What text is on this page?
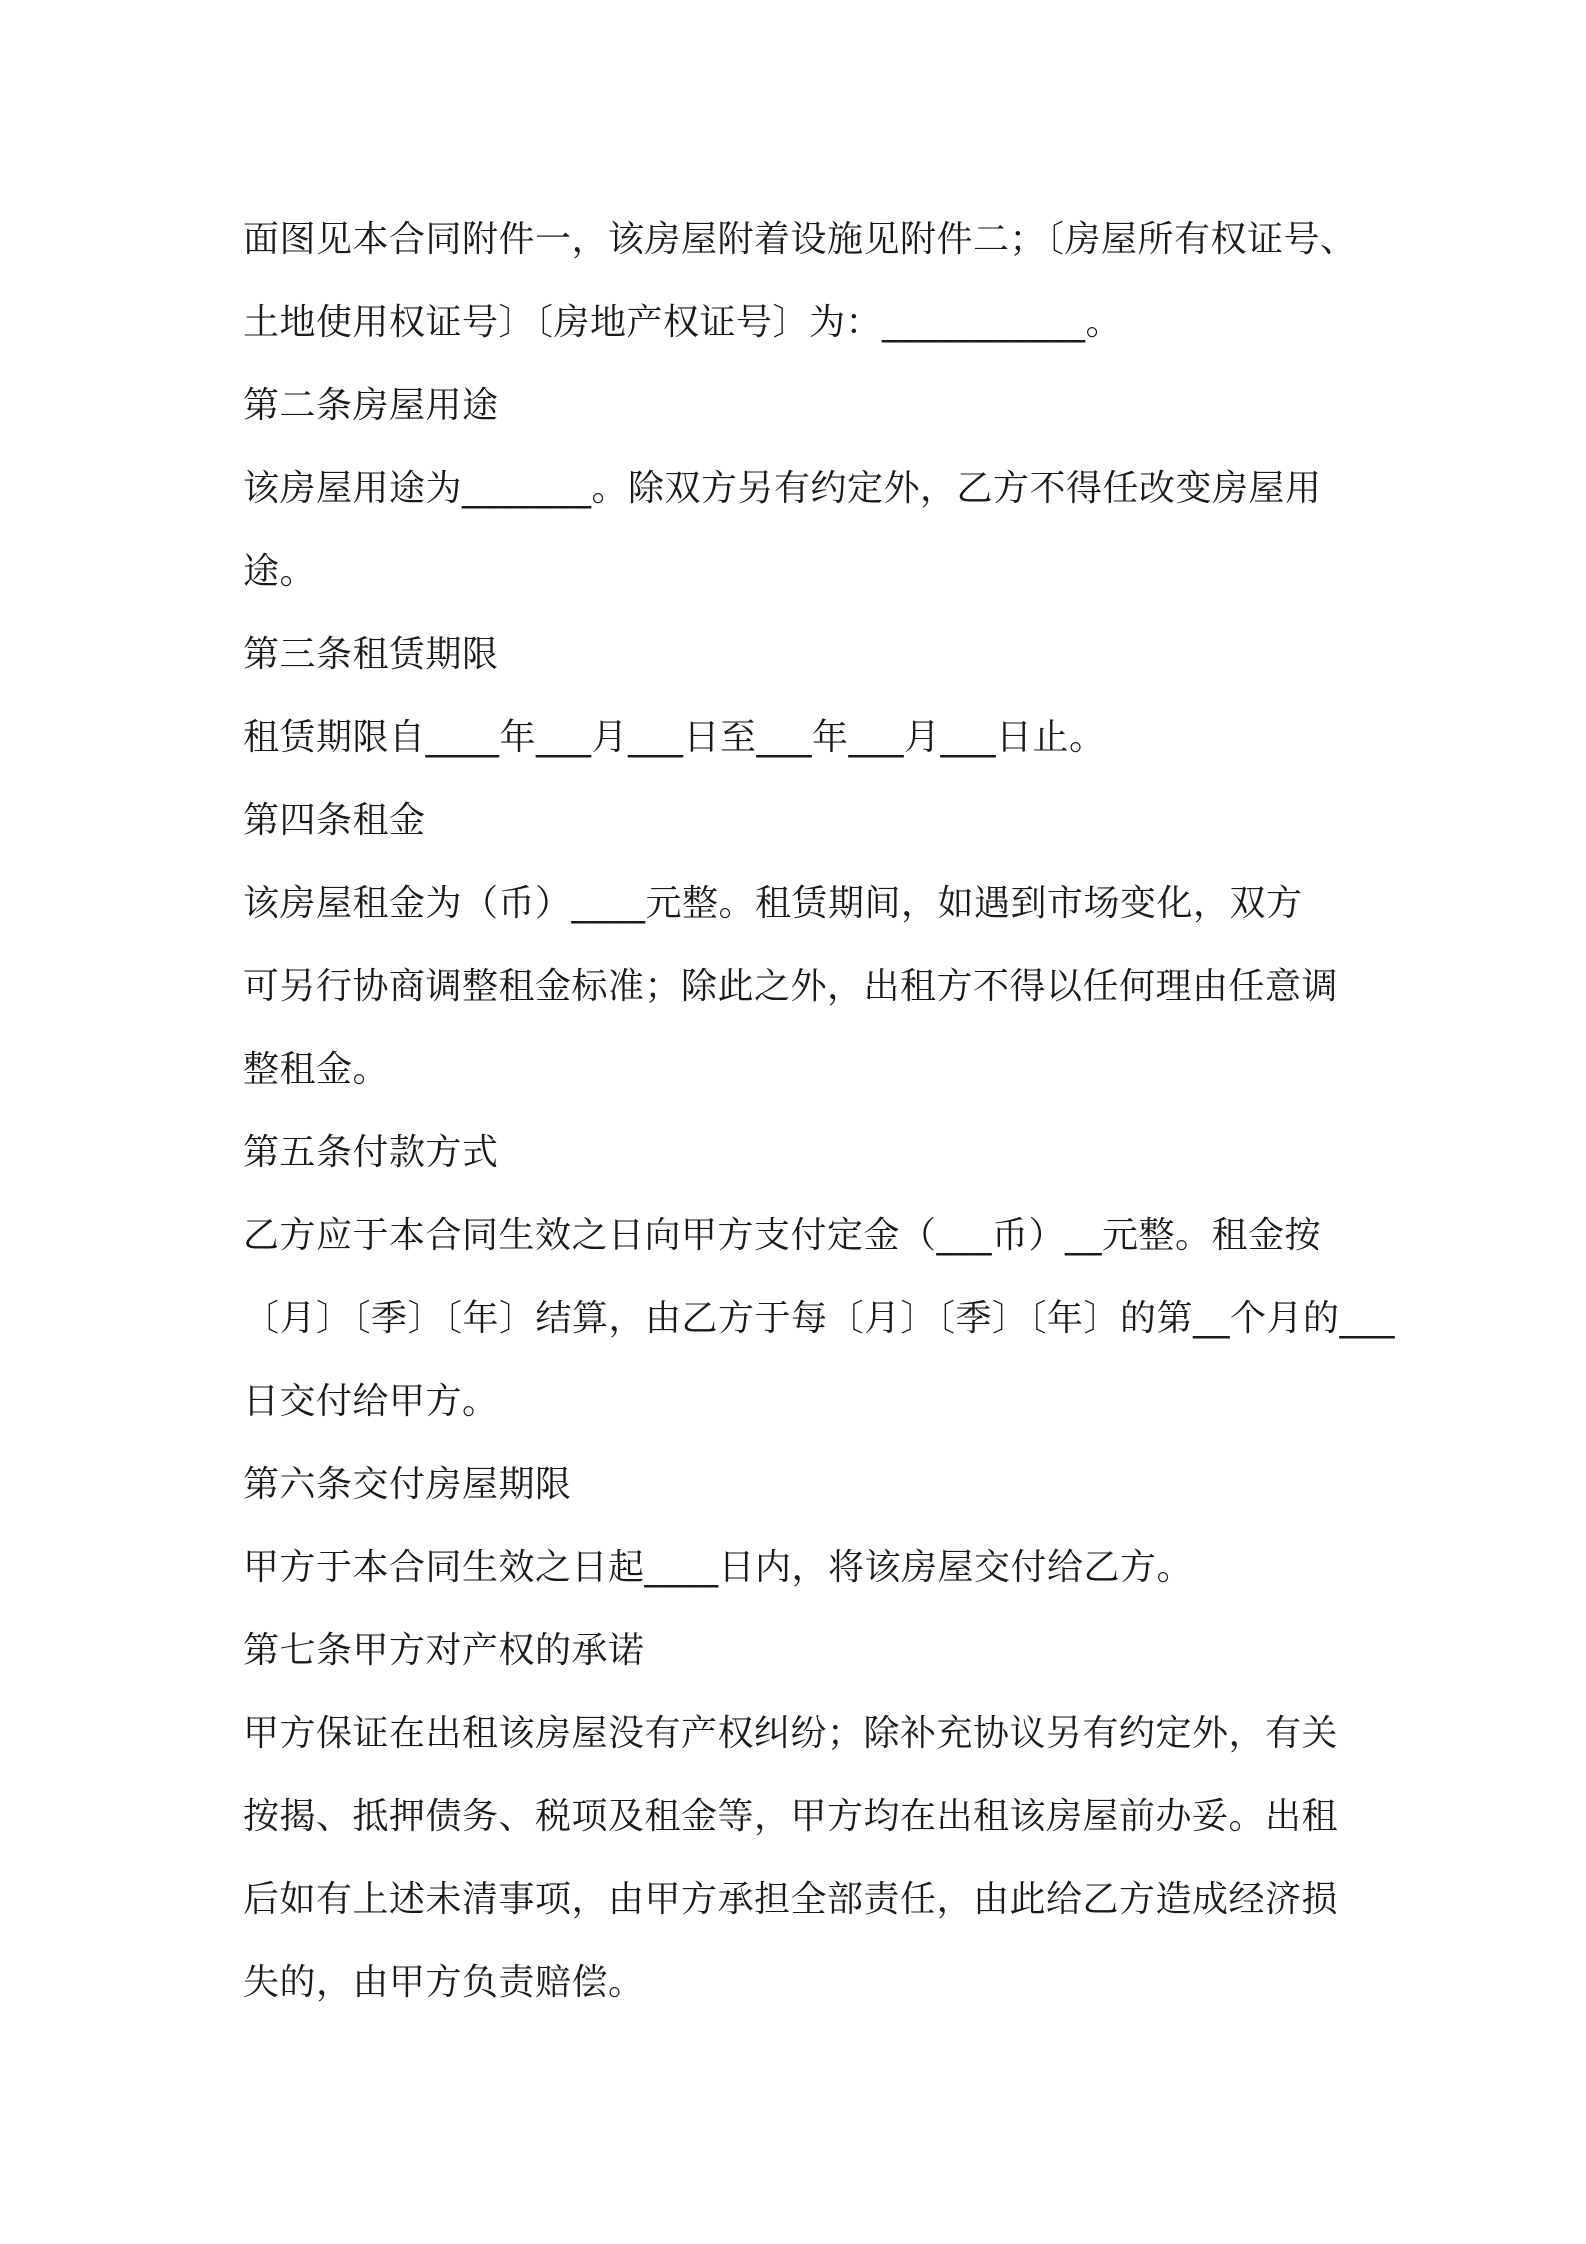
面图见本合同附件一，该房屋附着设施见附件二；〔房屋所有权证号、
土地使用权证号〕〔房地产权证号〕为：___________。
第二条房屋用途
该房屋用途为_______。除双方另有约定外，乙方不得任改变房屋用
途。
第三条租赁期限
租赁期限自____年___月___日至___年___月___日止。
第四条租金
该房屋租金为（币）____元整。租赁期间，如遇到市场变化，双方
可另行协商调整租金标准；除此之外，出租方不得以任何理由任意调
整租金。
第五条付款方式
乙方应于本合同生效之日向甲方支付定金（___币）__元整。租金按
〔月〕〔季〕〔年〕结算，由乙方于每〔月〕〔季〕〔年〕的第__个月的___
日交付给甲方。
第六条交付房屋期限
甲方于本合同生效之日起____日内，将该房屋交付给乙方。
第七条甲方对产权的承诺
甲方保证在出租该房屋没有产权纠纷；除补充协议另有约定外，有关
按揭、抵押债务、税项及租金等，甲方均在出租该房屋前办妥。出租
后如有上述未清事项，由甲方承担全部责任，由此给乙方造成经济损
失的，由甲方负责赔偿。
